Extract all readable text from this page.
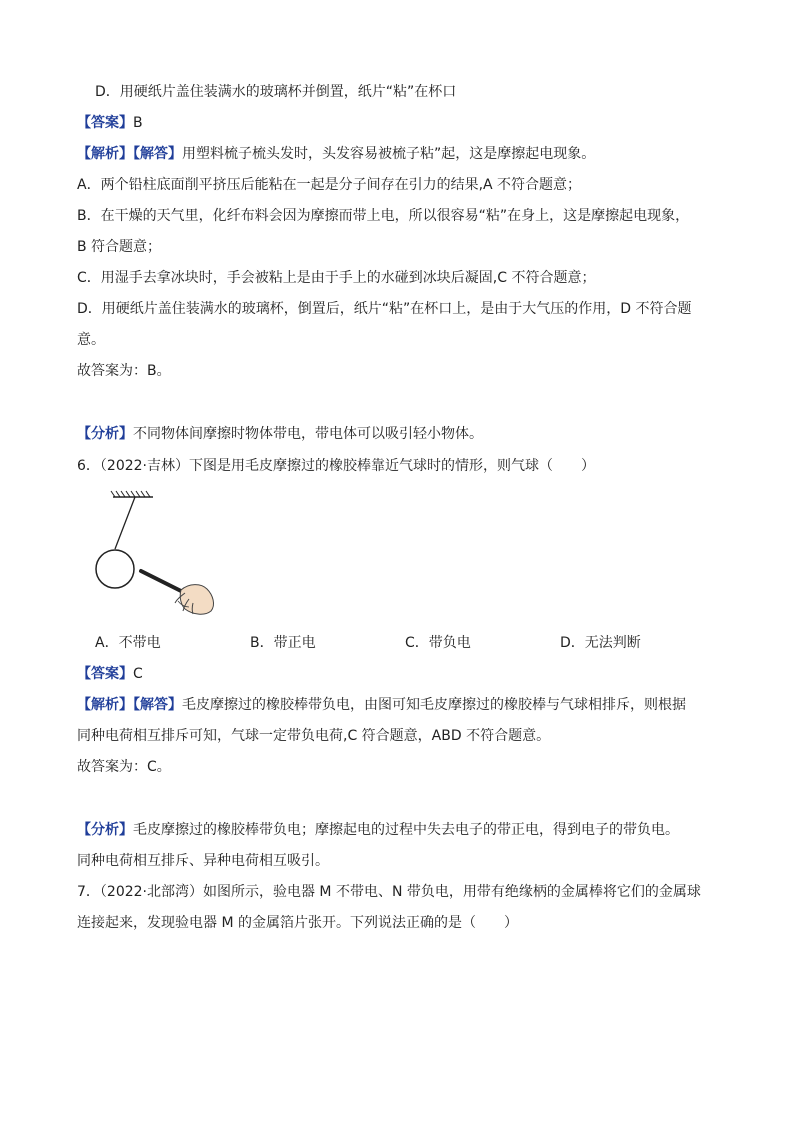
D．用硬纸片盖住装满水的玻璃杯并倒置，纸片“粘”在杯口
【答案】B
【解析】【解答】用塑料梳子梳头发时，头发容易被梳子粘”起，这是摩擦起电现象。
A．两个铅柱底面削平挤压后能粘在一起是分子间存在引力的结果,A 不符合题意；
B．在干燥的天气里，化纤布料会因为摩擦而带上电，所以很容易“粘”在身上，这是摩擦起电现象，
B 符合题意；
C．用湿手去拿冰块时，手会被粘上是由于手上的水碰到冰块后凝固,C 不符合题意；
D．用硬纸片盖住装满水的玻璃杯，倒置后，纸片“粘”在杯口上，是由于大气压的作用，D 不符合题
意。
故答案为：B。
【分析】不同物体间摩擦时物体带电，带电体可以吸引轻小物体。
6．（2022·吉林）下图是用毛皮摩擦过的橡胶棒靠近气球时的情形，则气球（　　）
A．不带电	B．带正电	C．带负电	D．无法判断
【答案】C
【解析】【解答】毛皮摩擦过的橡胶棒带负电，由图可知毛皮摩擦过的橡胶棒与气球相排斥，则根据
同种电荷相互排斥可知，气球一定带负电荷,C 符合题意，ABD 不符合题意。
故答案为：C。
【分析】毛皮摩擦过的橡胶棒带负电；摩擦起电的过程中失去电子的带正电，得到电子的带负电。
同种电荷相互排斥、异种电荷相互吸引。
7．（2022·北部湾）如图所示，验电器 M 不带电、N 带负电，用带有绝缘柄的金属棒将它们的金属球
连接起来，发现验电器 M 的金属箔片张开。下列说法正确的是（　　）
